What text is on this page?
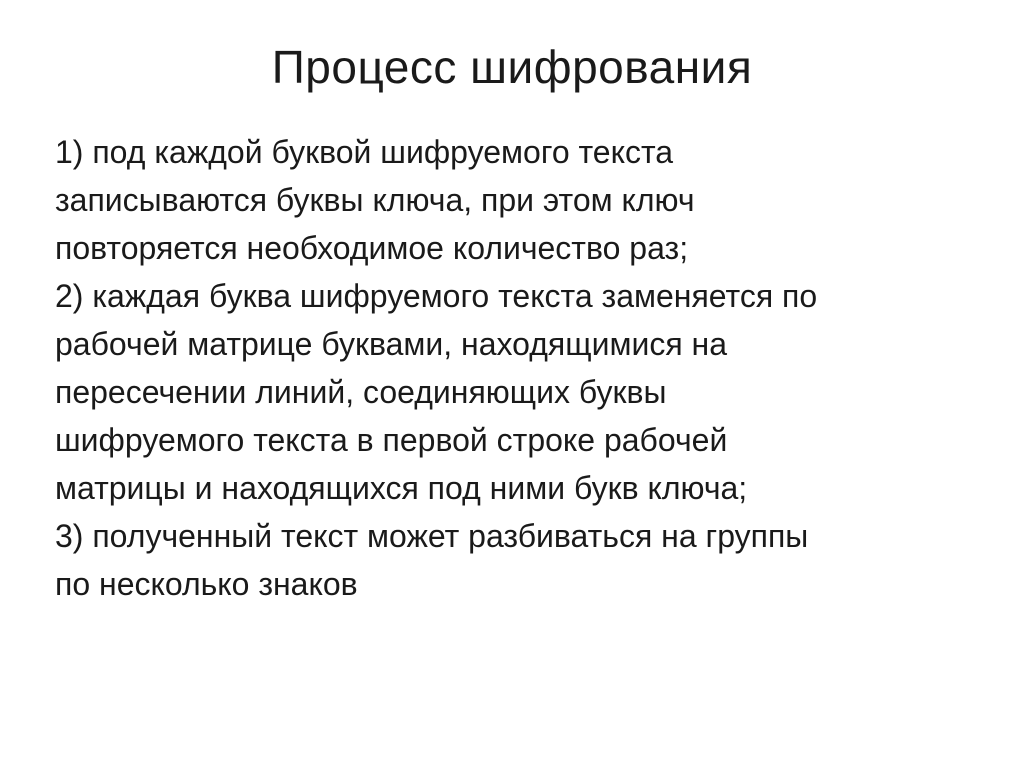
Процесс шифрования
1) под каждой буквой шифруемого текста
записываются буквы ключа, при этом ключ
повторяется необходимое количество раз;
2) каждая буква шифруемого текста заменяется по
рабочей матрице буквами, находящимися на
пересечении линий, соединяющих буквы
шифруемого текста в первой строке рабочей
матрицы и находящихся под ними букв ключа;
3) полученный текст может разбиваться на группы
по несколько знаков
